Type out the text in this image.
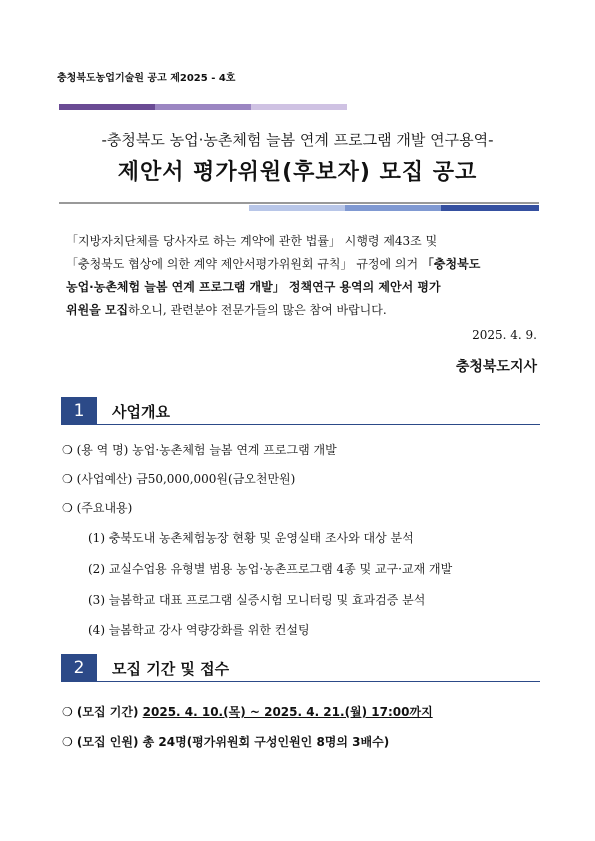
충청북도농업기술원 공고 제2025 - 4호
-충청북도 농업·농촌체험 늘봄 연계 프로그램 개발 연구용역-
제안서 평가위원(후보자) 모집 공고
「지방자치단체를 당사자로 하는 계약에 관한 법률」 시행령 제43조 및
「충청북도 협상에 의한 계약 제안서평가위원회 규칙」 규정에 의거 「충청북도
농업·농촌체험 늘봄 연계 프로그램 개발」 정책연구 용역의 제안서 평가
위원을 모집하오니, 관련분야 전문가들의 많은 참여 바랍니다.
2025. 4. 9.
충청북도지사
1	사업개요
❍ (용 역 명) 농업·농촌체험 늘봄 연계 프로그램 개발
❍ (사업예산) 금50,000,000원(금오천만원)
❍ (주요내용)
(1) 충북도내 농촌체험농장 현황 및 운영실태 조사와 대상 분석
(2) 교실수업용 유형별 범용 농업·농촌프로그램 4종 및 교구·교재 개발
(3) 늘봄학교 대표 프로그램 실증시험 모니터링 및 효과검증 분석
(4) 늘봄학교 강사 역량강화를 위한 컨설팅
2	모집 기간 및 접수
❍ (모집 기간) 2025. 4. 10.(목) ~ 2025. 4. 21.(월) 17:00까지
❍ (모집 인원) 총 24명(평가위원회 구성인원인 8명의 3배수)
